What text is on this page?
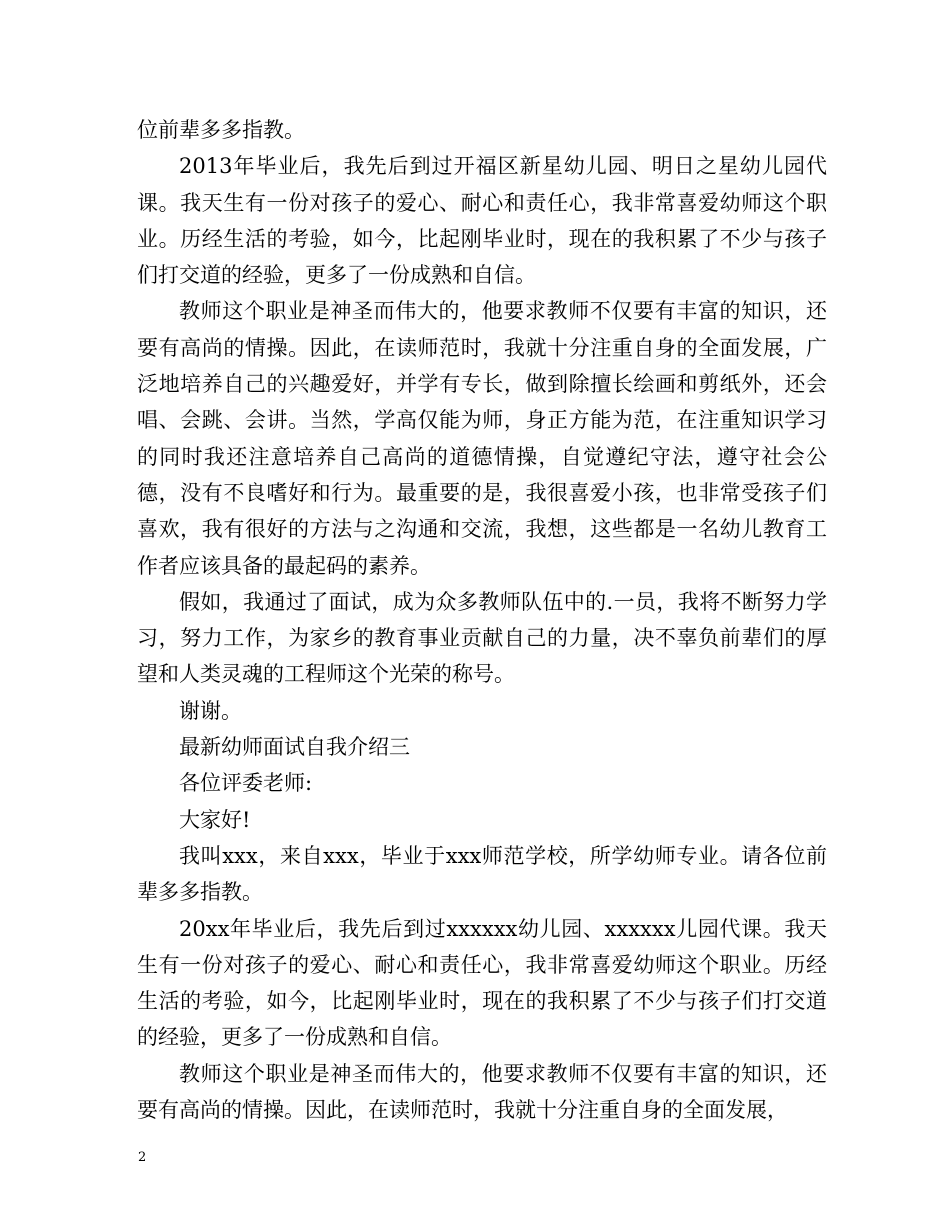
位前辈多多指教。

2013年毕业后，我先后到过开福区新星幼儿园、明日之星幼儿园代课。我天生有一份对孩子的爱心、耐心和责任心，我非常喜爱幼师这个职业。历经生活的考验，如今，比起刚毕业时，现在的我积累了不少与孩子们打交道的经验，更多了一份成熟和自信。

教师这个职业是神圣而伟大的，他要求教师不仅要有丰富的知识，还要有高尚的情操。因此，在读师范时，我就十分注重自身的全面发展，广泛地培养自己的兴趣爱好，并学有专长，做到除擅长绘画和剪纸外，还会唱、会跳、会讲。当然，学高仅能为师，身正方能为范，在注重知识学习的同时我还注意培养自己高尚的道德情操，自觉遵纪守法，遵守社会公德，没有不良嗜好和行为。最重要的是，我很喜爱小孩，也非常受孩子们喜欢，我有很好的方法与之沟通和交流，我想，这些都是一名幼儿教育工作者应该具备的最起码的素养。

假如，我通过了面试，成为众多教师队伍中的.一员，我将不断努力学习，努力工作，为家乡的教育事业贡献自己的力量，决不辜负前辈们的厚望和人类灵魂的工程师这个光荣的称号。

谢谢。

最新幼师面试自我介绍三

各位评委老师:

大家好!

我叫xxx，来自xxx，毕业于xxx师范学校，所学幼师专业。请各位前辈多多指教。

20xx年毕业后，我先后到过xxxxxx幼儿园、xxxxxx儿园代课。我天生有一份对孩子的爱心、耐心和责任心，我非常喜爱幼师这个职业。历经生活的考验，如今，比起刚毕业时，现在的我积累了不少与孩子们打交道的经验，更多了一份成熟和自信。

教师这个职业是神圣而伟大的，他要求教师不仅要有丰富的知识，还要有高尚的情操。因此，在读师范时，我就十分注重自身的全面发展，

2
